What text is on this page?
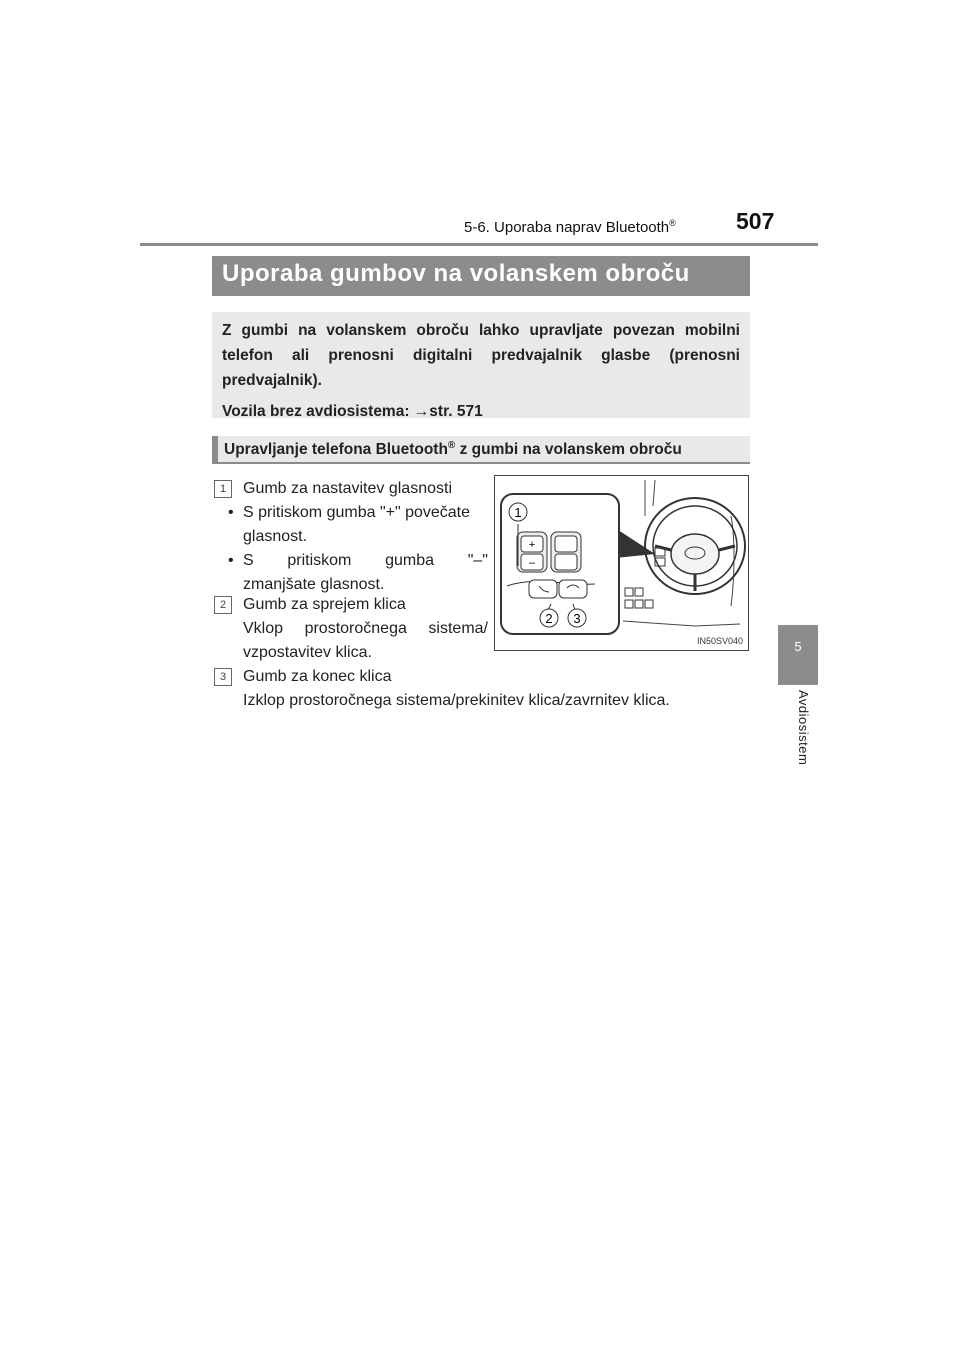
5-6. Uporaba naprav Bluetooth®	507
5
Avdiosistem
Uporaba gumbov na volanskem obroču

Z gumbi na volanskem obroču lahko upravljate povezan mobilni telefon ali prenosni digitalni predvajalnik glasbe (prenosni predvajalnik).

Vozila brez avdiosistema: →str. 571

Upravljanje telefona Bluetooth® z gumbi na volanskem obroču
+
–
1
2 3
IN50SV040
1	Gumb za nastavitev glasnosti
• S pritiskom gumba "+" povečate
glasnost.
• S pritiskom gumba "–"
zmanjšate glasnost.
2	Gumb za sprejem klica
Vklop prostoročnega sistema/
vzpostavitev klica.
3	Gumb za konec klica
Izklop prostoročnega sistema/prekinitev klica/zavrnitev klica.
